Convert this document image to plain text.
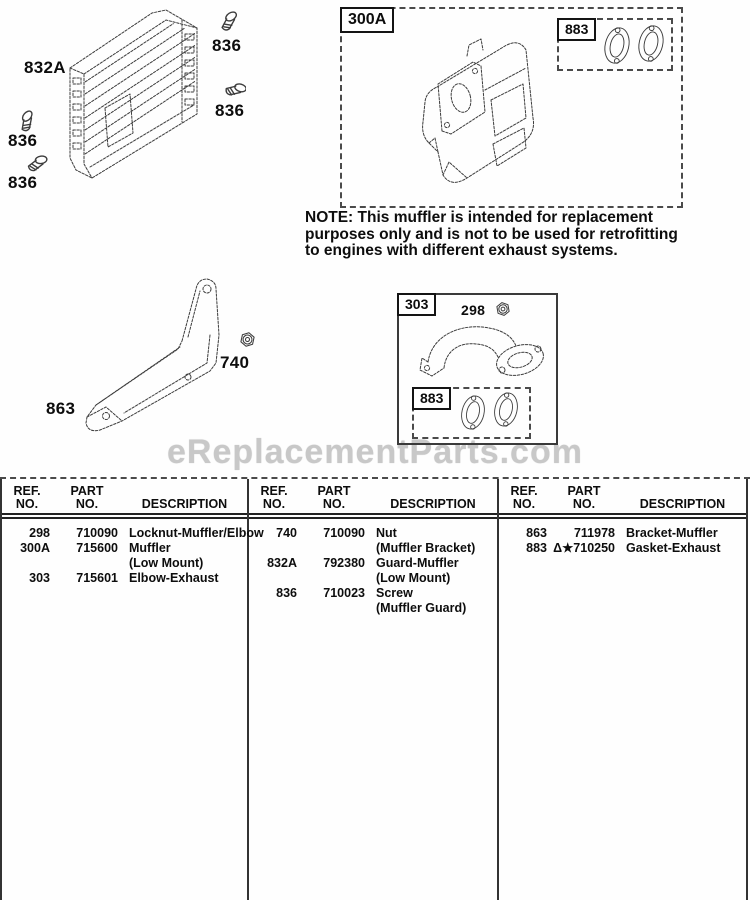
eReplacementParts.com
832A
836
836
836
836
300A
883
NOTE: This muffler is intended for replacement
purposes only and is not to be used for retrofitting
to engines with different exhaust systems.
863
740
303	298
883
REF.
NO.
PART
NO.	DESCRIPTION
298	710090 Locknut-Muffler/Elbow
300A	715600 Muffler
(Low Mount)
303	715601 Elbow-Exhaust
REF.
NO.
PART
NO.	DESCRIPTION
740	710090 Nut
(Muffler Bracket)
832A	792380 Guard-Muffler
(Low Mount)
836	710023 Screw
(Muffler Guard)
REF.
NO.
PART
NO.	DESCRIPTION
863	711978 Bracket-Muffler
883 Δ★710250 Gasket-Exhaust
